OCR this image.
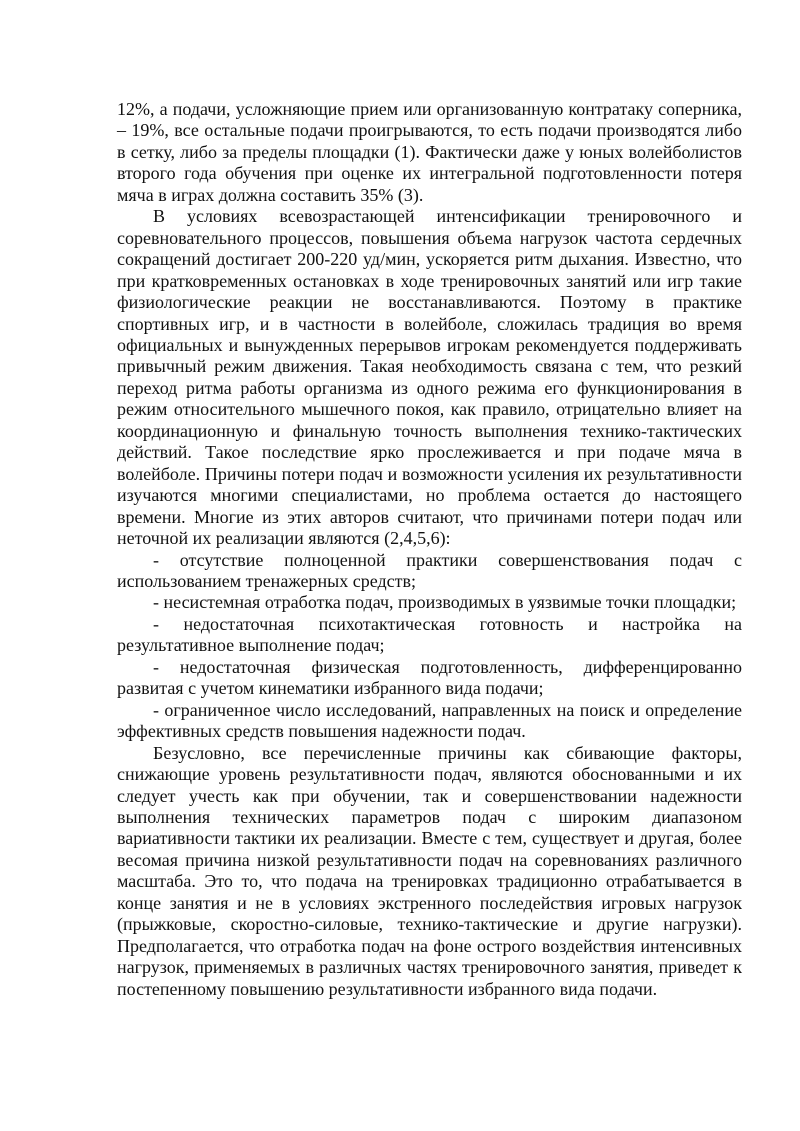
12%, а подачи, усложняющие прием или организованную контратаку соперника, – 19%, все остальные подачи проигрываются, то есть подачи производятся либо в сетку, либо за пределы площадки (1). Фактически даже у юных волейболистов второго года обучения при оценке их интегральной подготовленности потеря мяча в играх должна составить 35% (3).

В условиях всевозрастающей интенсификации тренировочного и соревновательного процессов, повышения объема нагрузок частота сердечных сокращений достигает 200-220 уд/мин, ускоряется ритм дыхания. Известно, что при кратковременных остановках в ходе тренировочных занятий или игр такие физиологические реакции не восстанавливаются. Поэтому в практике спортивных игр, и в частности в волейболе, сложилась традиция во время официальных и вынужденных перерывов игрокам рекомендуется поддерживать привычный режим движения. Такая необходимость связана с тем, что резкий переход ритма работы организма из одного режима его функционирования в режим относительного мышечного покоя, как правило, отрицательно влияет на координационную и финальную точность выполнения технико-тактических действий. Такое последствие ярко прослеживается и при подаче мяча в волейболе. Причины потери подач и возможности усиления их результативности изучаются многими специалистами, но проблема остается до настоящего времени. Многие из этих авторов считают, что причинами потери подач или неточной их реализации являются (2,4,5,6):

- отсутствие полноценной практики совершенствования подач с использованием тренажерных средств;
- несистемная отработка подач, производимых в уязвимые точки площадки;
- недостаточная психотактическая готовность и настройка на результативное выполнение подач;
- недостаточная физическая подготовленность, дифференцированно развитая с учетом кинематики избранного вида подачи;
- ограниченное число исследований, направленных на поиск и определение эффективных средств повышения надежности подач.

Безусловно, все перечисленные причины как сбивающие факторы, снижающие уровень результативности подач, являются обоснованными и их следует учесть как при обучении, так и совершенствовании надежности выполнения технических параметров подач с широким диапазоном вариативности тактики их реализации. Вместе с тем, существует и другая, более весомая причина низкой результативности подач на соревнованиях различного масштаба. Это то, что подача на тренировках традиционно отрабатывается в конце занятия и не в условиях экстренного последействия игровых нагрузок (прыжковые, скоростно-силовые, технико-тактические и другие нагрузки). Предполагается, что отработка подач на фоне острого воздействия интенсивных нагрузок, применяемых в различных частях тренировочного занятия, приведет к постепенному повышению результативности избранного вида подачи.
